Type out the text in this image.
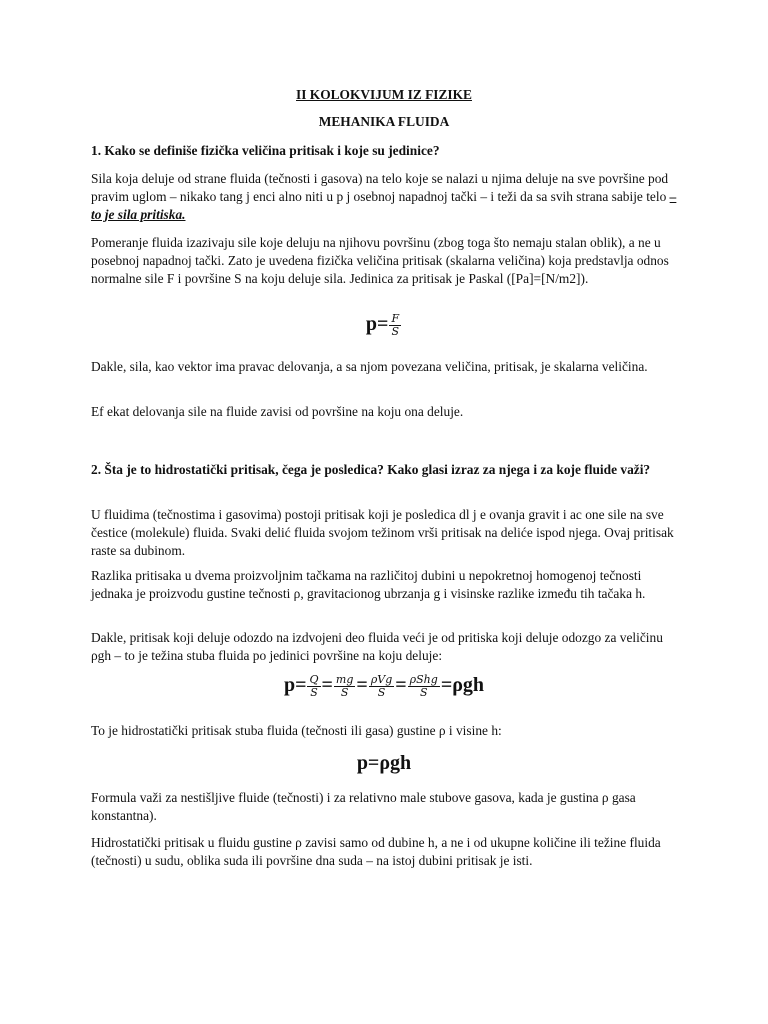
II KOLOKVIJUM IZ FIZIKE

MEHANIKA FLUIDA

1. Kako se definiše fizička veličina pritisak i koje su jedinice?

Sila koja deluje od strane fluida (tečnosti i gasova) na telo koje se nalazi u njima deluje na sve površine pod pravim uglom – nikako tang j enci alno niti u p j osebnoj napadnoj tački – i teži da sa svih strana sabije telo – to je sila pritiska.

Pomeranje fluida izazivaju sile koje deluju na njihovu površinu (zbog toga što nemaju stalan oblik), a ne u posebnoj napadnoj tački. Zato je uvedena fizička veličina pritisak (skalarna veličina) koja predstavlja odnos normalne sile F i površine S na koju deluje sila. Jedinica za pritisak je Paskal ([Pa]=[N/m2]).

$p= \frac{F}{S}$

Dakle, sila, kao vektor ima pravac delovanja, a sa njom povezana veličina, pritisak, je skalarna veličina.

Ef ekat delovanja sile na fluide zavisi od površine na koju ona deluje.

2. Šta je to hidrostatički pritisak, čega je posledica? Kako glasi izraz za njega i za koje fluide važi?

U fluidima (tečnostima i gasovima) postoji pritisak koji je posledica dl j e ovanja gravit i ac one sile na sve čestice (molekule) fluida. Svaki delić fluida svojom težinom vrši pritisak na deliće ispod njega. Ovaj pritisak raste sa dubinom.

Razlika pritisaka u dvema proizvoljnim tačkama na različitoj dubini u nepokretnoj homogenoj tečnosti jednaka je proizvodu gustine tečnosti ρ, gravitacionog ubrzanja g i visinske razlike između tih tačaka h.

Dakle, pritisak koji deluje odozdo na izdvojeni deo fluida veći je od pritiska koji deluje odozgo za veličinu ρgh – to je težina stuba fluida po jedinici površine na koju deluje:

$p= \frac{Q}{S} = \frac{mg}{S} = \frac{\text{ρVg}}{S} = \frac{\text{ρShg}}{S} =\rho gh$

To je hidrostatički pritisak stuba fluida (tečnosti ili gasa) gustine ρ i visine h:

p=ρgh

Formula važi za nestišljive fluide (tečnosti) i za relativno male stubove gasova, kada je gustina ρ gasa konstantna).

Hidrostatički pritisak u fluidu gustine ρ zavisi samo od dubine h, a ne i od ukupne količine ili težine fluida (tečnosti) u sudu, oblika suda ili površine dna suda – na istoj dubini pritisak je isti.
